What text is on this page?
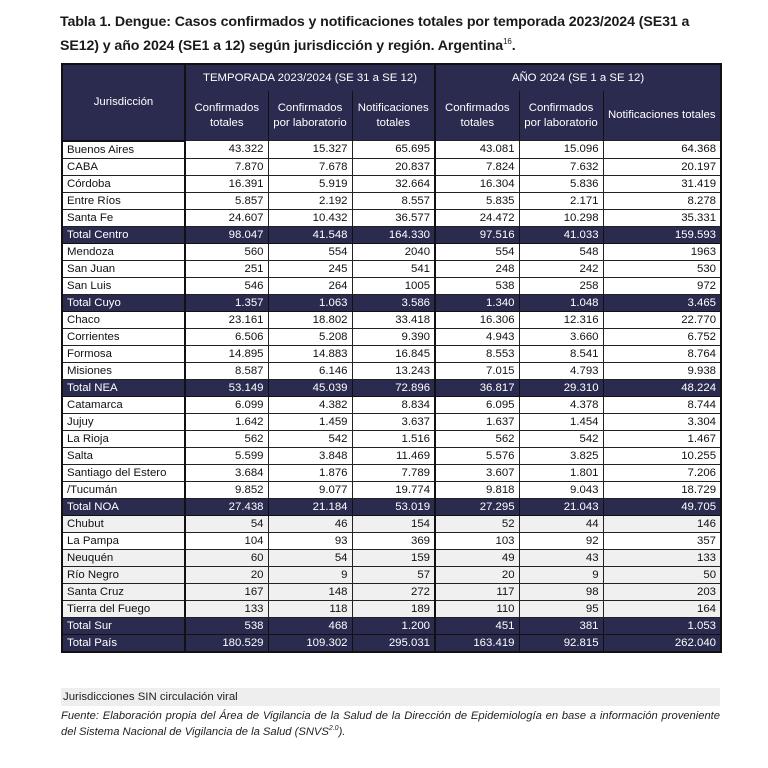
Tabla 1. Dengue: Casos confirmados y notificaciones totales por temporada 2023/2024 (SE31 a SE12) y año 2024 (SE1 a 12) según jurisdicción y región. Argentina$^{16}$.
Jurisdicción	TEMPORADA 2023/2024 (SE 31 a SE 12)			AÑO 2024 (SE 1 a SE 12)		
	Confirmados totales	Confirmados por laboratorio	Notificaciones totales	Confirmados totales	Confirmados por laboratorio	Notificaciones totales
Buenos Aires	43.322	15.327	65.695	43.081	15.096	64.368
CABA	7.870	7.678	20.837	7.824	7.632	20.197
Córdoba	16.391	5.919	32.664	16.304	5.836	31.419
Entre Ríos	5.857	2.192	8.557	5.835	2.171	8.278
Santa Fe	24.607	10.432	36.577	24.472	10.298	35.331
Total Centro	98.047	41.548	164.330	97.516	41.033	159.593
Mendoza	560	554	2040	554	548	1963
San Juan	251	245	541	248	242	530
San Luis	546	264	1005	538	258	972
Total Cuyo	1.357	1.063	3.586	1.340	1.048	3.465
Chaco	23.161	18.802	33.418	16.306	12.316	22.770
Corrientes	6.506	5.208	9.390	4.943	3.660	6.752
Formosa	14.895	14.883	16.845	8.553	8.541	8.764
Misiones	8.587	6.146	13.243	7.015	4.793	9.938
Total NEA	53.149	45.039	72.896	36.817	29.310	48.224
Catamarca	6.099	4.382	8.834	6.095	4.378	8.744
Jujuy	1.642	1.459	3.637	1.637	1.454	3.304
La Rioja	562	542	1.516	562	542	1.467
Salta	5.599	3.848	11.469	5.576	3.825	10.255
Santiago del Estero	3.684	1.876	7.789	3.607	1.801	7.206
/Tucumán	9.852	9.077	19.774	9.818	9.043	18.729
Total NOA	27.438	21.184	53.019	27.295	21.043	49.705
Chubut	54	46	154	52	44	146
La Pampa	104	93	369	103	92	357
Neuquén	60	54	159	49	43	133
Río Negro	20	9	57	20	9	50
Santa Cruz	167	148	272	117	98	203
Tierra del Fuego	133	118	189	110	95	164
Total Sur	538	468	1.200	451	381	1.053
Total País	180.529	109.302	295.031	163.419	92.815	262.040
Jurisdicciones SIN circulación viral
Fuente: Elaboración propia del Área de Vigilancia de la Salud de la Dirección de Epidemiología en base a información proveniente del Sistema Nacional de Vigilancia de la Salud $(SNVS^{2.0})$.
